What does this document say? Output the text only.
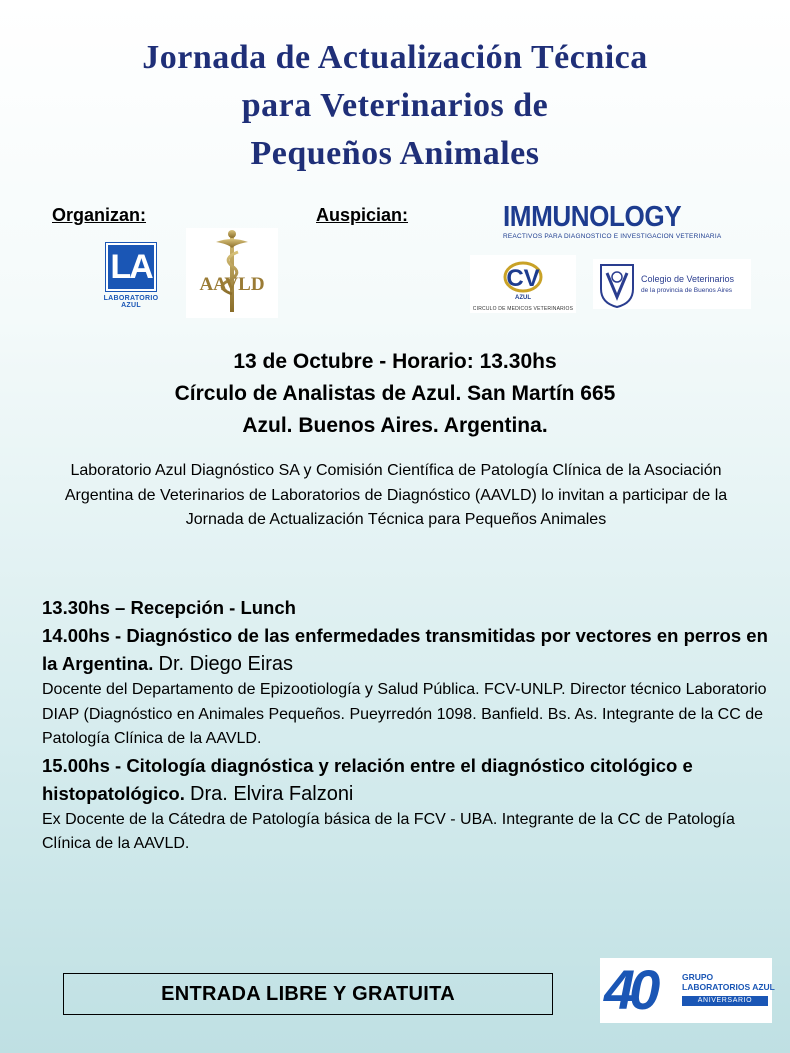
Jornada de Actualización Técnica
para Veterinarios de
Pequeños Animales
Organizan:	Auspician:
LA
LABORATORIO AZUL
AAVLD
IMMUNOLOGY
REACTIVOS PARA DIAGNOSTICO E INVESTIGACION VETERINARIA
CV
AZUL
CIRCULO DE MEDICOS VETERINARIOS
Colegio de Veterinarios
de la provincia de Buenos Aires
13 de Octubre - Horario: 13.30hs
Círculo de Analistas de Azul. San Martín 665
Azul. Buenos Aires. Argentina.
Laboratorio Azul Diagnóstico SA y Comisión Científica de Patología Clínica de la Asociación Argentina de Veterinarios de Laboratorios de Diagnóstico (AAVLD) lo invitan a participar de la Jornada de Actualización Técnica para Pequeños Animales
13.30hs – Recepción - Lunch
14.00hs - Diagnóstico de las enfermedades transmitidas por vectores en perros en la Argentina. Dr. Diego Eiras
Docente del Departamento de Epizootiología y Salud Pública. FCV-UNLP. Director técnico Laboratorio DIAP (Diagnóstico en Animales Pequeños. Pueyrredón 1098. Banfield. Bs. As. Integrante de la CC de Patología Clínica de la AAVLD.
15.00hs - Citología diagnóstica y relación entre el diagnóstico citológico e histopatológico. Dra. Elvira Falzoni
Ex Docente de la Cátedra de Patología básica de la FCV - UBA. Integrante de la CC de Patología Clínica de la AAVLD.
ENTRADA LIBRE Y GRATUITA	40	GRUPO
LABORATORIOS AZUL
ANIVERSARIO
